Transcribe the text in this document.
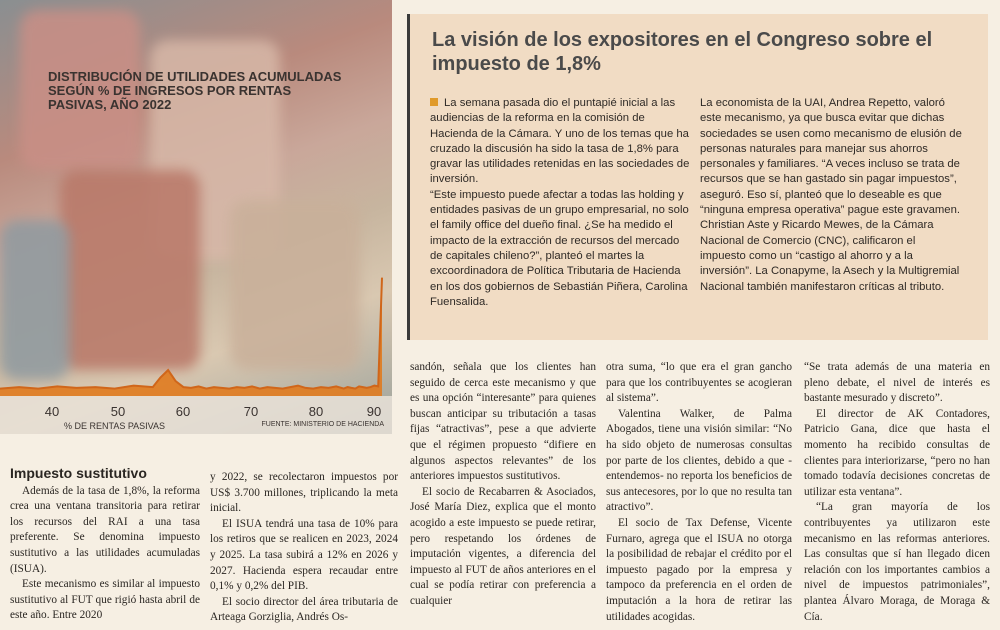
DISTRIBUCIÓN DE UTILIDADES ACUMULADAS SEGÚN % DE INGRESOS POR RENTAS PASIVAS, AÑO 2022
40	50	60	70	80	90
% DE RENTAS PASIVAS	FUENTE: MINISTERIO DE HACIENDA
La visión de los expositores en el Congreso sobre el impuesto de 1,8%

La semana pasada dio el puntapié inicial a las audiencias de la reforma en la comisión de Hacienda de la Cámara. Y uno de los temas que ha cruzado la discusión ha sido la tasa de 1,8% para gravar las utilidades retenidas en las sociedades de inversión.

“Este impuesto puede afectar a todas las holding y entidades pasivas de un grupo empresarial, no solo el family office del dueño final. ¿Se ha medido el impacto de la extracción de recursos del mercado de capitales chileno?”, planteó el martes la excoordinadora de Política Tributaria de Hacienda en los dos gobiernos de Sebastián Piñera, Carolina Fuensalida.

La economista de la UAI, Andrea Repetto, valoró este mecanismo, ya que busca evitar que dichas sociedades se usen como mecanismo de elusión de personas naturales para manejar sus ahorros personales y familiares. “A veces incluso se trata de recursos que se han gastado sin pagar impuestos”, aseguró. Eso sí, planteó que lo deseable es que “ninguna empresa operativa” pague este gravamen.

Christian Aste y Ricardo Mewes, de la Cámara Nacional de Comercio (CNC), calificaron el impuesto como un “castigo al ahorro y a la inversión”. La Conapyme, la Asech y la Multigremial Nacional también manifestaron críticas al tributo.

Impuesto sustitutivo

Además de la tasa de 1,8%, la reforma crea una ventana transitoria para retirar los recursos del RAI a una tasa preferente. Se denomina impuesto sustitutivo a las utilidades acumuladas (ISUA).

Este mecanismo es similar al impuesto sustitutivo al FUT que rigió hasta abril de este año. Entre 2020

y 2022, se recolectaron impuestos por US$ 3.700 millones, triplicando la meta inicial.

El ISUA tendrá una tasa de 10% para los retiros que se realicen en 2023, 2024 y 2025. La tasa subirá a 12% en 2026 y 2027. Hacienda espera recaudar entre 0,1% y 0,2% del PIB.

El socio director del área tributaria de Arteaga Gorziglia, Andrés Os-

sandón, señala que los clientes han seguido de cerca este mecanismo y que es una opción “interesante” para quienes buscan anticipar su tributación a tasas fijas “atractivas”, pese a que advierte que el régimen propuesto “difiere en algunos aspectos relevantes” de los anteriores impuestos sustitutivos.

El socio de Recabarren & Asociados, José María Diez, explica que el monto acogido a este impuesto se puede retirar, pero respetando los órdenes de imputación vigentes, a diferencia del impuesto al FUT de años anteriores en el cual se podía retirar con preferencia a cualquier

otra suma, “lo que era el gran gancho para que los contribuyentes se acogieran al sistema”.

Valentina Walker, de Palma Abogados, tiene una visión similar: “No ha sido objeto de numerosas consultas por parte de los clientes, debido a que -entendemos- no reporta los beneficios de sus antecesores, por lo que no resulta tan atractivo”.

El socio de Tax Defense, Vicente Furnaro, agrega que el ISUA no otorga la posibilidad de rebajar el crédito por el impuesto pagado por la empresa y tampoco da preferencia en el orden de imputación a la hora de retirar las utilidades acogidas.

“Se trata además de una materia en pleno debate, el nivel de interés es bastante mesurado y discreto”.

El director de AK Contadores, Patricio Gana, dice que hasta el momento ha recibido consultas de clientes para interiorizarse, “pero no han tomado todavía decisiones concretas de utilizar esta ventana”.

“La gran mayoría de los contribuyentes ya utilizaron este mecanismo en las reformas anteriores. Las consultas que sí han llegado dicen relación con los importantes cambios a nivel de impuestos patrimoniales”, plantea Álvaro Moraga, de Moraga & Cía.
